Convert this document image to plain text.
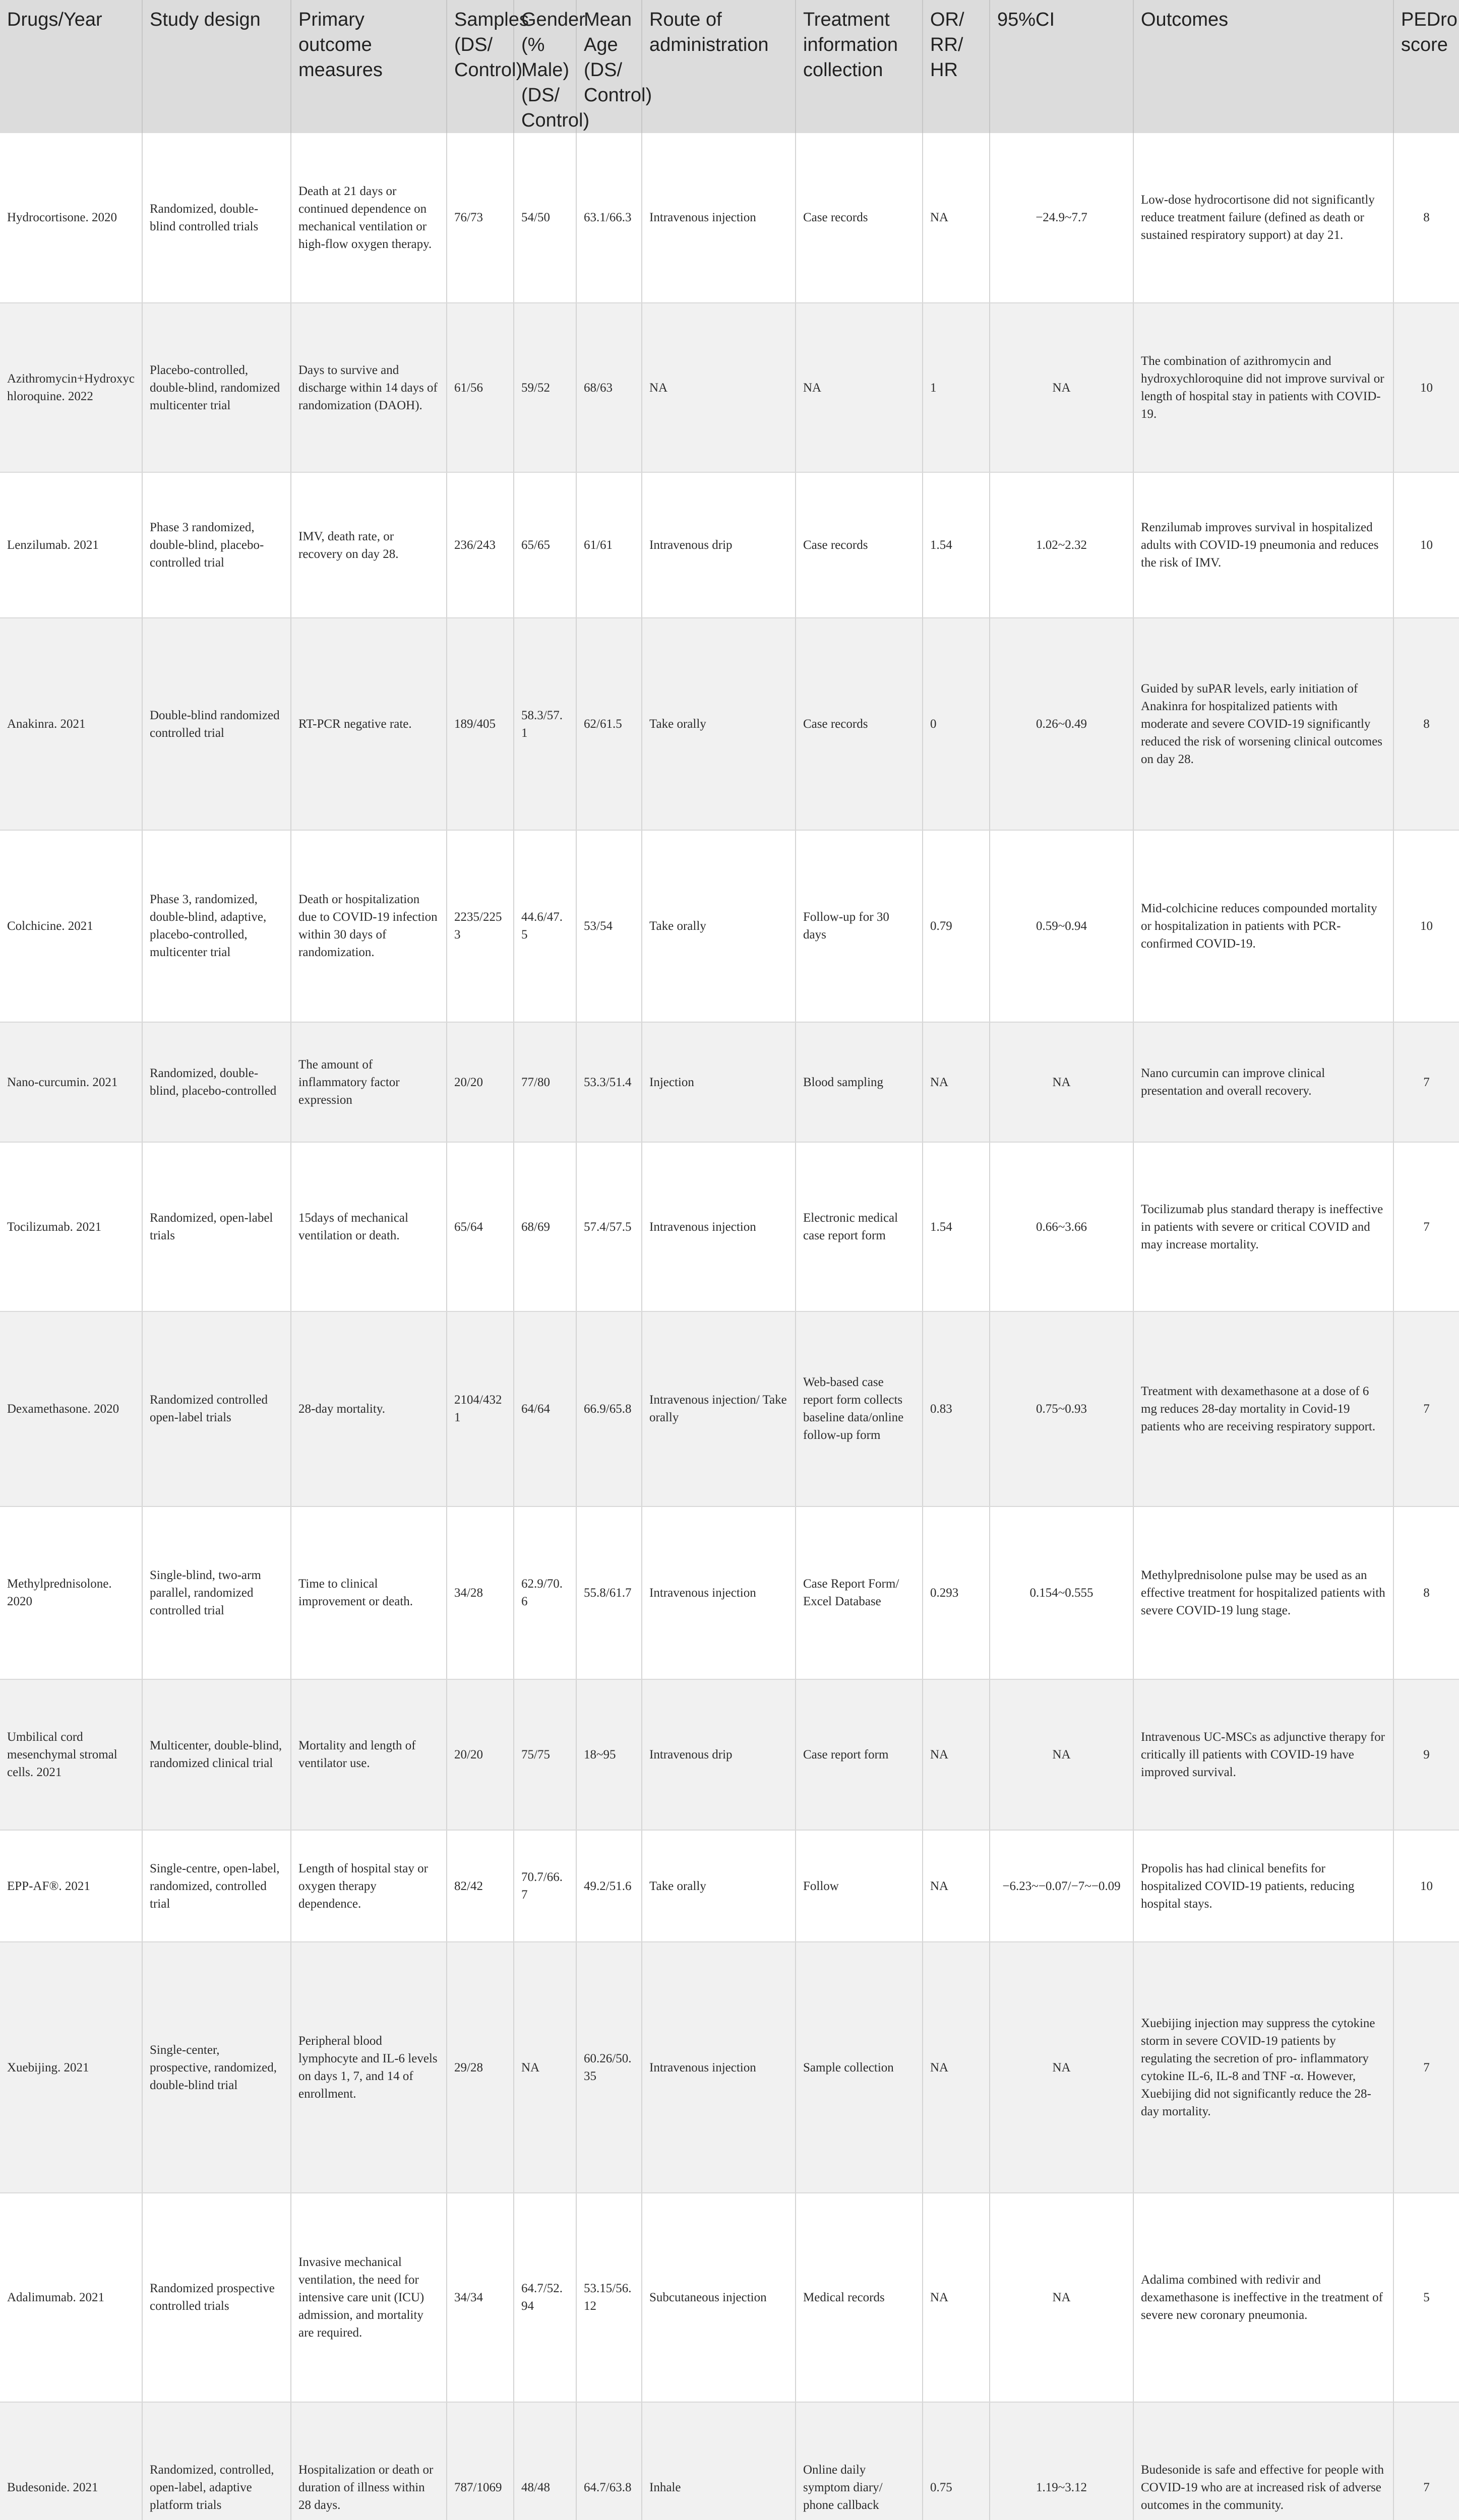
Drugs/Year	Study design	Primary outcome measures	Samples (DS/ Control)	Gender (% Male) (DS/ Control)	Mean Age (DS/ Control)	Route of administration	Treatment information collection	OR/ RR/ HR	95%CI	Outcomes	PEDro score
Hydrocortisone. 2020	Randomized, double-blind controlled trials	Death at 21 days or continued dependence on mechanical ventilation or high-flow oxygen therapy.	76/73	54/50	63.1/66.3	Intravenous injection	Case records	NA	−24.9~7.7	Low-dose hydrocortisone did not significantly reduce treatment failure (defined as death or sustained respiratory support) at day 21.	8
Azithromycin+Hydroxychloroquine. 2022	Placebo-controlled, double-blind, randomized multicenter trial	Days to survive and discharge within 14 days of randomization (DAOH).	61/56	59/52	68/63	NA	NA	1	NA	The combination of azithromycin and hydroxychloroquine did not improve survival or length of hospital stay in patients with COVID-19.	10
Lenzilumab. 2021	Phase 3 randomized, double-blind, placebo-controlled trial	IMV, death rate, or recovery on day 28.	236/243	65/65	61/61	Intravenous drip	Case records	1.54	1.02~2.32	Renzilumab improves survival in hospitalized adults with COVID-19 pneumonia and reduces the risk of IMV.	10
Anakinra. 2021	Double-blind randomized controlled trial	RT-PCR negative rate.	189/405	58.3/57.1	62/61.5	Take orally	Case records	0	0.26~0.49	Guided by suPAR levels, early initiation of Anakinra for hospitalized patients with moderate and severe COVID-19 significantly reduced the risk of worsening clinical outcomes on day 28.	8
Colchicine. 2021	Phase 3, randomized, double-blind, adaptive, placebo-controlled, multicenter trial	Death or hospitalization due to COVID-19 infection within 30 days of randomization.	2235/2253	44.6/47.5	53/54	Take orally	Follow-up for 30 days	0.79	0.59~0.94	Mid-colchicine reduces compounded mortality or hospitalization in patients with PCR-confirmed COVID-19.	10
Nano-curcumin. 2021	Randomized, double-blind, placebo-controlled	The amount of inflammatory factor expression	20/20	77/80	53.3/51.4	Injection	Blood sampling	NA	NA	Nano curcumin can improve clinical presentation and overall recovery.	7
Tocilizumab. 2021	Randomized, open-label trials	15days of mechanical ventilation or death.	65/64	68/69	57.4/57.5	Intravenous injection	Electronic medical case report form	1.54	0.66~3.66	Tocilizumab plus standard therapy is ineffective in patients with severe or critical COVID and may increase mortality.	7
Dexamethasone. 2020	Randomized controlled open-label trials	28-day mortality.	2104/4321	64/64	66.9/65.8	Intravenous injection/ Take orally	Web-based case report form collects baseline data/online follow-up form	0.83	0.75~0.93	Treatment with dexamethasone at a dose of 6 mg reduces 28-day mortality in Covid-19 patients who are receiving respiratory support.	7
Methylprednisolone. 2020	Single-blind, two-arm parallel, randomized controlled trial	Time to clinical improvement or death.	34/28	62.9/70.6	55.8/61.7	Intravenous injection	Case Report Form/ Excel Database	0.293	0.154~0.555	Methylprednisolone pulse may be used as an effective treatment for hospitalized patients with severe COVID-19 lung stage.	8
Umbilical cord mesenchymal stromal cells. 2021	Multicenter, double-blind, randomized clinical trial	Mortality and length of ventilator use.	20/20	75/75	18~95	Intravenous drip	Case report form	NA	NA	Intravenous UC-MSCs as adjunctive therapy for critically ill patients with COVID-19 have improved survival.	9
EPP-AF®. 2021	Single-centre, open-label, randomized, controlled trial	Length of hospital stay or oxygen therapy dependence.	82/42	70.7/66.7	49.2/51.6	Take orally	Follow	NA	−6.23~−0.07/−7~−0.09	Propolis has had clinical benefits for hospitalized COVID-19 patients, reducing hospital stays.	10
Xuebijing. 2021	Single-center, prospective, randomized, double-blind trial	Peripheral blood lymphocyte and IL-6 levels on days 1, 7, and 14 of enrollment.	29/28	NA	60.26/50.35	Intravenous injection	Sample collection	NA	NA	Xuebijing injection may suppress the cytokine storm in severe COVID-19 patients by regulating the secretion of pro- inflammatory cytokine IL-6, IL-8 and TNF -α. However, Xuebijing did not significantly reduce the 28-day mortality.	7
Adalimumab. 2021	Randomized prospective controlled trials	Invasive mechanical ventilation, the need for intensive care unit (ICU) admission, and mortality are required.	34/34	64.7/52.94	53.15/56.12	Subcutaneous injection	Medical records	NA	NA	Adalima combined with redivir and dexamethasone is ineffective in the treatment of severe new coronary pneumonia.	5
Budesonide. 2021	Randomized, controlled, open-label, adaptive platform trials	Hospitalization or death or duration of illness within 28 days.	787/1069	48/48	64.7/63.8	Inhale	Online daily symptom diary/ phone callback	0.75	1.19~3.12	Budesonide is safe and effective for people with COVID-19 who are at increased risk of adverse outcomes in the community.	7
